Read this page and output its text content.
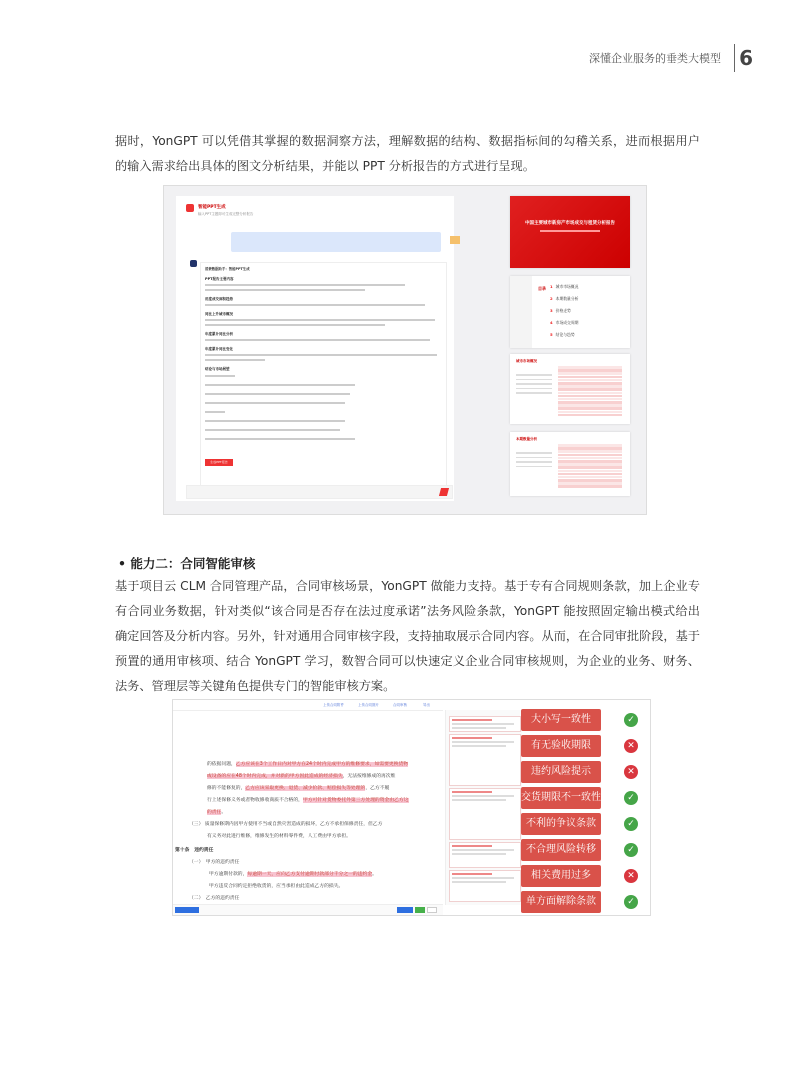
深懂企业服务的垂类大模型 6

据时，YonGPT 可以凭借其掌握的数据洞察方法，理解数据的结构、数据指标间的勾稽关系，进而根据用户的输入需求给出具体的图文分析结果，并能以 PPT 分析报告的方式进行呈现。

智能PPT生成
输入PPT主题即可生成完整分析报告
消费数据助手：智能PPT生成
PPT报告主要内容
用度成交面积趋势
同比上升城市概况
年度累计同比分析
年度累计同比变化
结论与市场展望
生成PPT报告
中国主要城市新房产市场成交与租赁分析报告
目录 1 城市市场概况
2 本期数量分析
3 价格走势
4 市场成交周期
5 结论与趋势
城市市场概况
本期数量分析
• 能力二：合同智能审核

基于项目云 CLM 合同管理产品，合同审核场景，YonGPT 做能力支持。基于专有合同规则条款，加上企业专有合同业务数据，针对类似“该合同是否存在法过度承诺”法务风险条款，YonGPT 能按照固定输出模式给出确定回答及分析内容。另外，针对通用合同审核字段，支持抽取展示合同内容。从而，在合同审批阶段，基于预置的通用审核项、结合 YonGPT 学习，数智合同可以快速定义企业合同审核规则，为企业的业务、财务、法务、管理层等关键角色提供专门的智能审核方案。

上传合同附件	上传合同图片	合同审核	导出
的依据问题，乙方应该在3个工作日内对甲方在24个时内完成甲方的维修要求，如需要更换货物
或设备的应在48个时内完成，并对新的甲方因此造成的经济损失，无法按维修成的再次维
修的不能修复的，乙方应该采取更换、退货、减少价款、赔偿损失等处理的，乙方不履
行上述保修义务或者物收修收商质不合格的，甲方可针对货物委托外第三方处理的资金由乙方这
的责任。
（三） 质量保修期内因甲方使用不当或自然灾害造成的损坏，乙方不承担保修责任，但乙方
有义务对此进行维修，维修发生的材料零件费，人工费由甲方承担。
第十条　违约责任
（一）　甲方的违约责任
甲方逾期付款的，每逾期一天，应向乙方支付逾期付款部分千分之一的违约金。
甲方违反合同约定拒绝收货的，应当承担由此造成乙方的损失。
（二）　乙方的违约责任
大小写一致性	✓
有无验收期限	✕
违约风险提示	✕
交货期限不一致性	✓
不利的争议条款	✓
不合理风险转移	✓
相关费用过多	✕
单方面解除条款	✓
